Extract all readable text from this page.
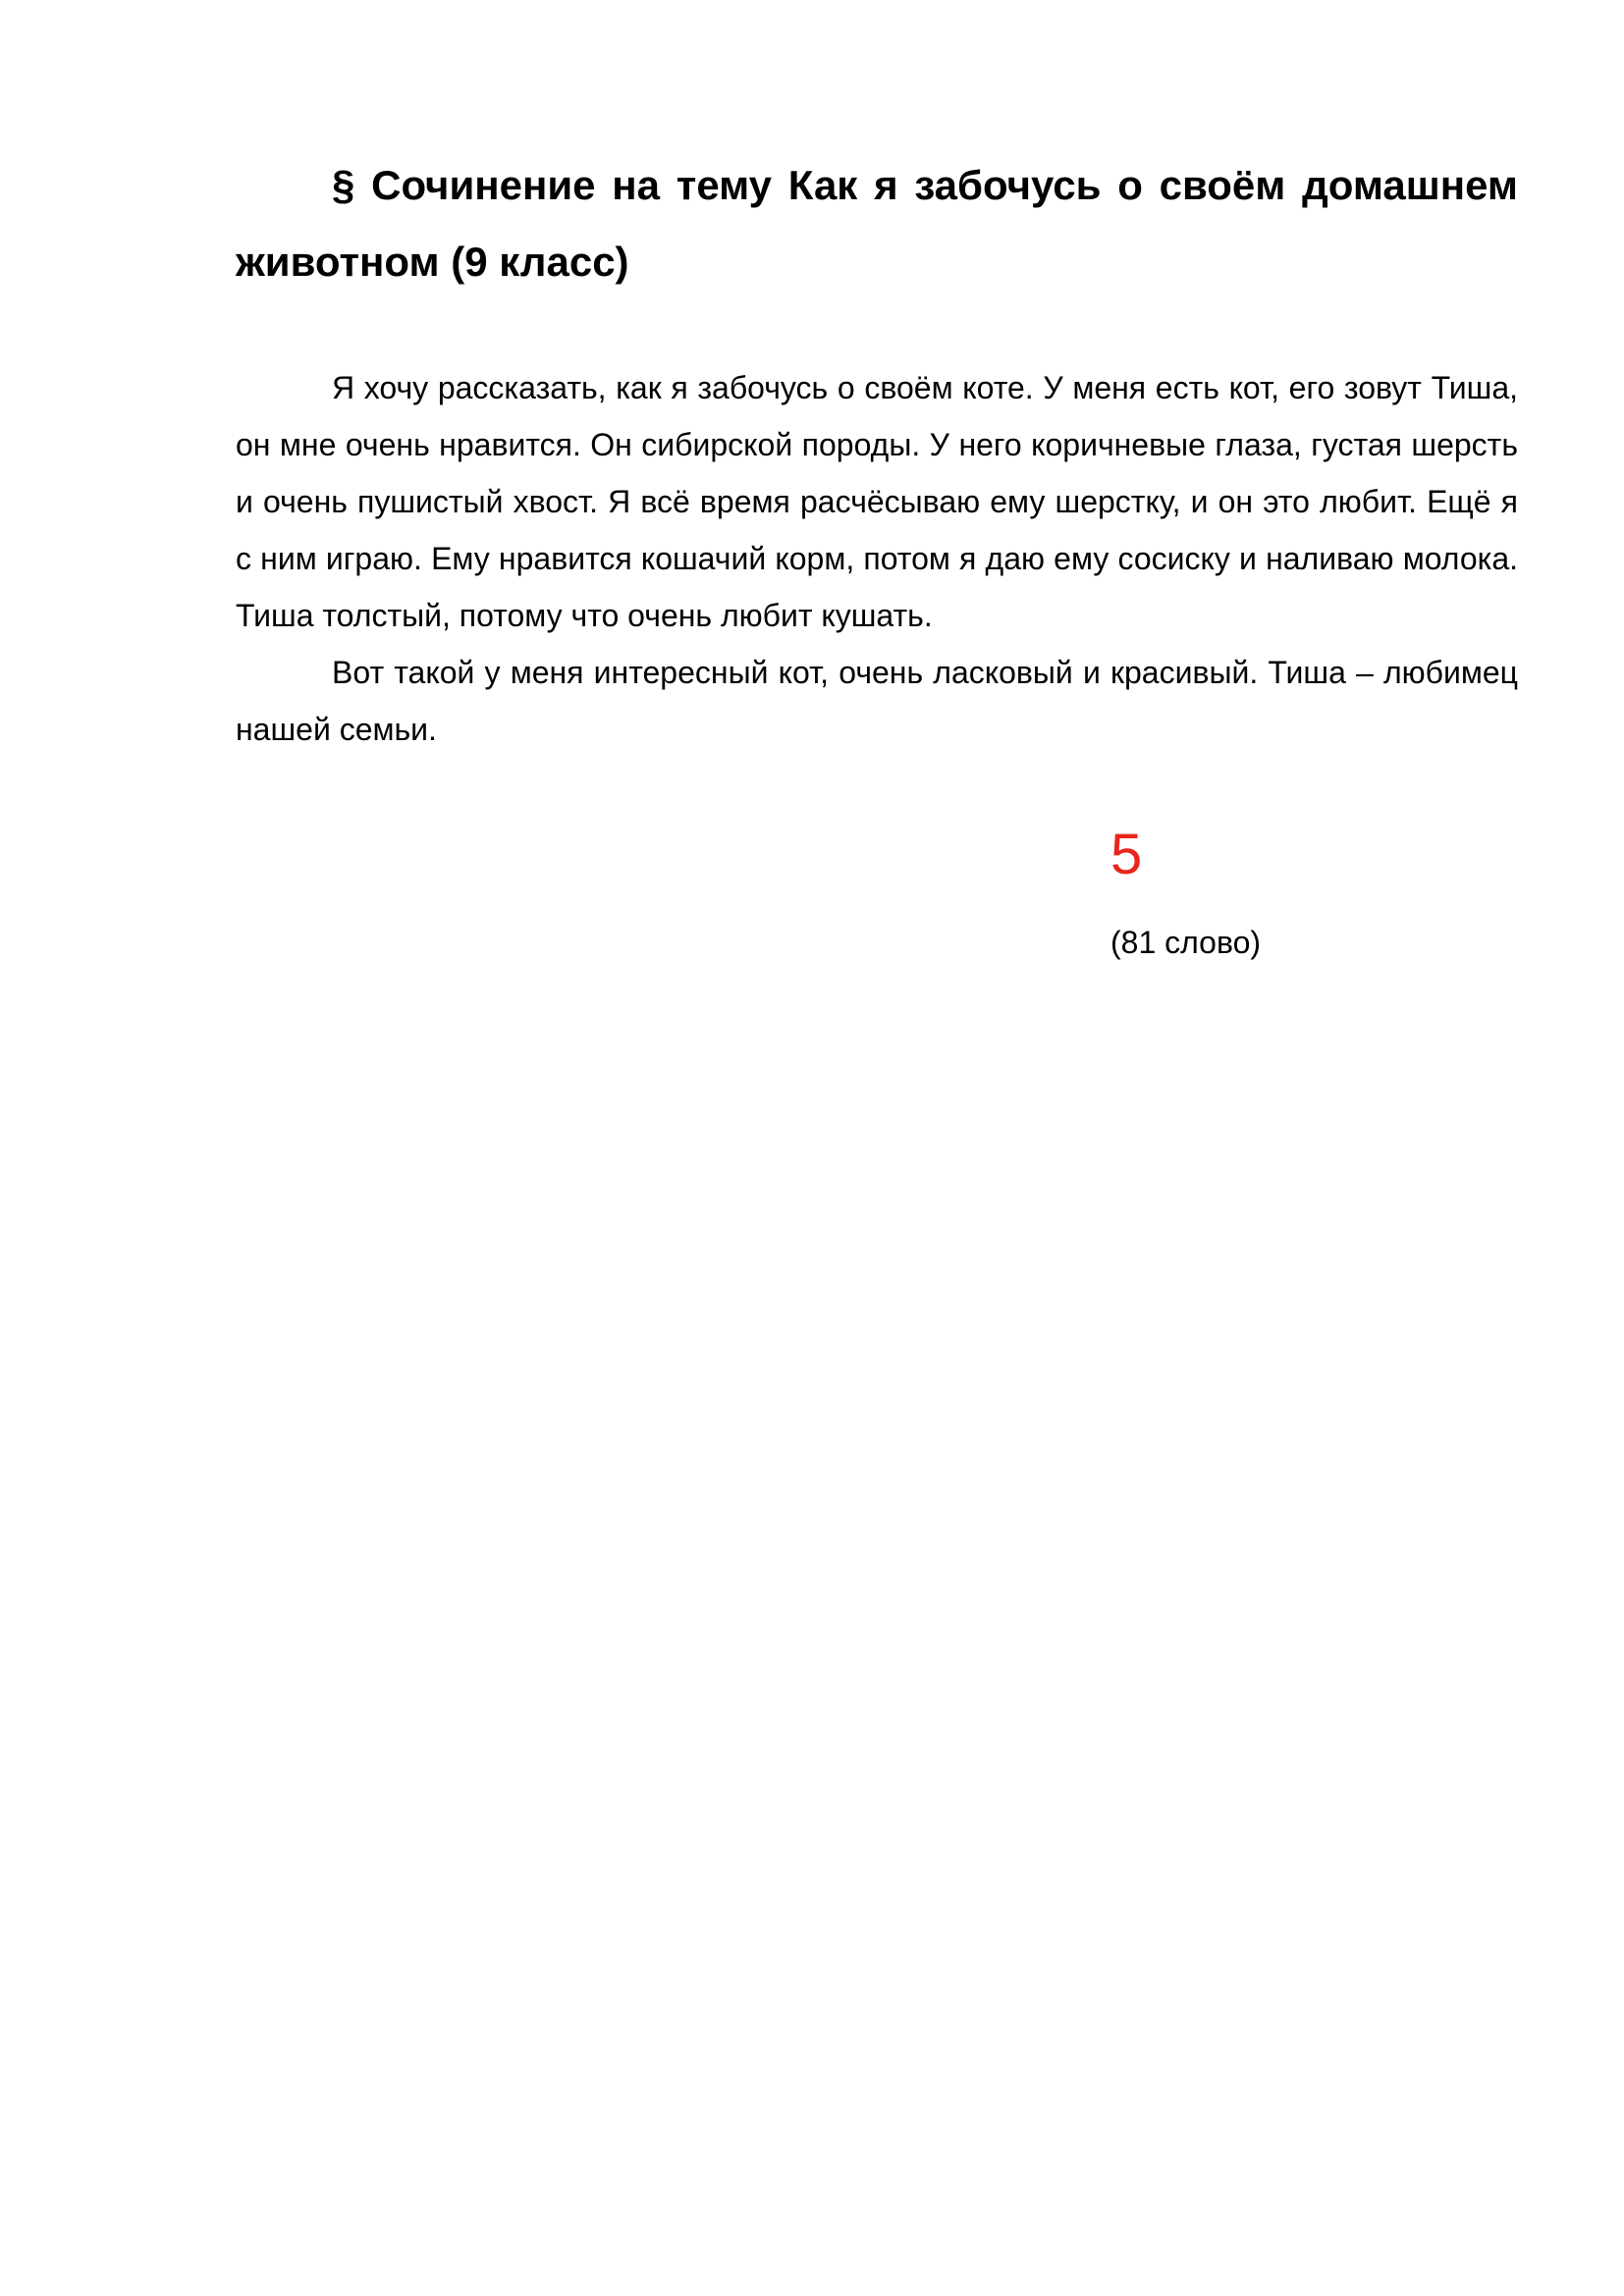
§ Сочинение на тему Как я забочусь о своём домашнем животном (9 класс)

Я хочу рассказать, как я забочусь о своём коте. У меня есть кот, его зовут Тиша, он мне очень нравится. Он сибирской породы. У него коричневые глаза, густая шерсть и очень пушистый хвост. Я всё время расчёсываю ему шерстку, и он это любит. Ещё я с ним играю. Ему нравится кошачий корм, потом я даю ему сосиску и наливаю молока. Тиша толстый, потому что очень любит кушать.

Вот такой у меня интересный кот, очень ласковый и красивый. Тиша – любимец нашей семьи.

5
(81 слово)
